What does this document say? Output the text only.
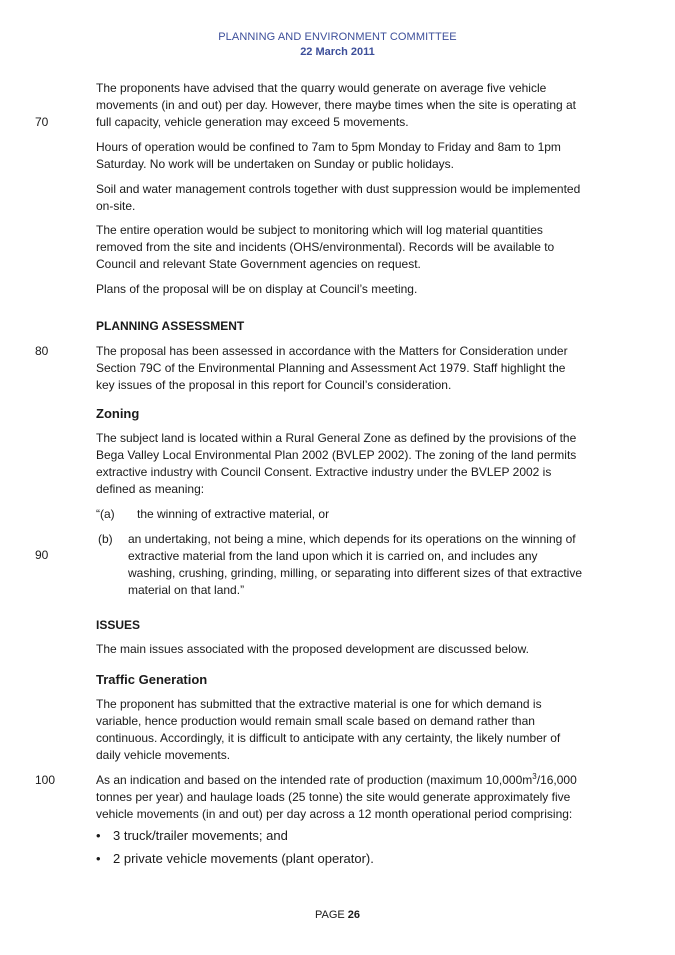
PLANNING AND ENVIRONMENT COMMITTEE
22 March 2011
70
80
90
100

The proponents have advised that the quarry would generate on average five vehicle movements (in and out) per day. However, there maybe times when the site is operating at full capacity, vehicle generation may exceed 5 movements.

Hours of operation would be confined to 7am to 5pm Monday to Friday and 8am to 1pm Saturday. No work will be undertaken on Sunday or public holidays.

Soil and water management controls together with dust suppression would be implemented on-site.

The entire operation would be subject to monitoring which will log material quantities removed from the site and incidents (OHS/environmental). Records will be available to Council and relevant State Government agencies on request.

Plans of the proposal will be on display at Council’s meeting.

PLANNING ASSESSMENT

The proposal has been assessed in accordance with the Matters for Consideration under Section 79C of the Environmental Planning and Assessment Act 1979. Staff highlight the key issues of the proposal in this report for Council’s consideration.

Zoning

The subject land is located within a Rural General Zone as defined by the provisions of the Bega Valley Local Environmental Plan 2002 (BVLEP 2002). The zoning of the land permits extractive industry with Council Consent. Extractive industry under the BVLEP 2002 is defined as meaning:

“(a) the winning of extractive material, or
(b) an undertaking, not being a mine, which depends for its operations on the winning of extractive material from the land upon which it is carried on, and includes any washing, crushing, grinding, milling, or separating into different sizes of that extractive material on that land.”
ISSUES

The main issues associated with the proposed development are discussed below.

Traffic Generation

The proponent has submitted that the extractive material is one for which demand is variable, hence production would remain small scale based on demand rather than continuous. Accordingly, it is difficult to anticipate with any certainty, the likely number of daily vehicle movements.

As an indication and based on the intended rate of production (maximum $10,000m^3/16,000$ tonnes per year) and haulage loads (25 tonne) the site would generate approximately five vehicle movements (in and out) per day across a 12 month operational period comprising:

• 3 truck/trailer movements; and
• 2 private vehicle movements (plant operator).
PAGE 26
